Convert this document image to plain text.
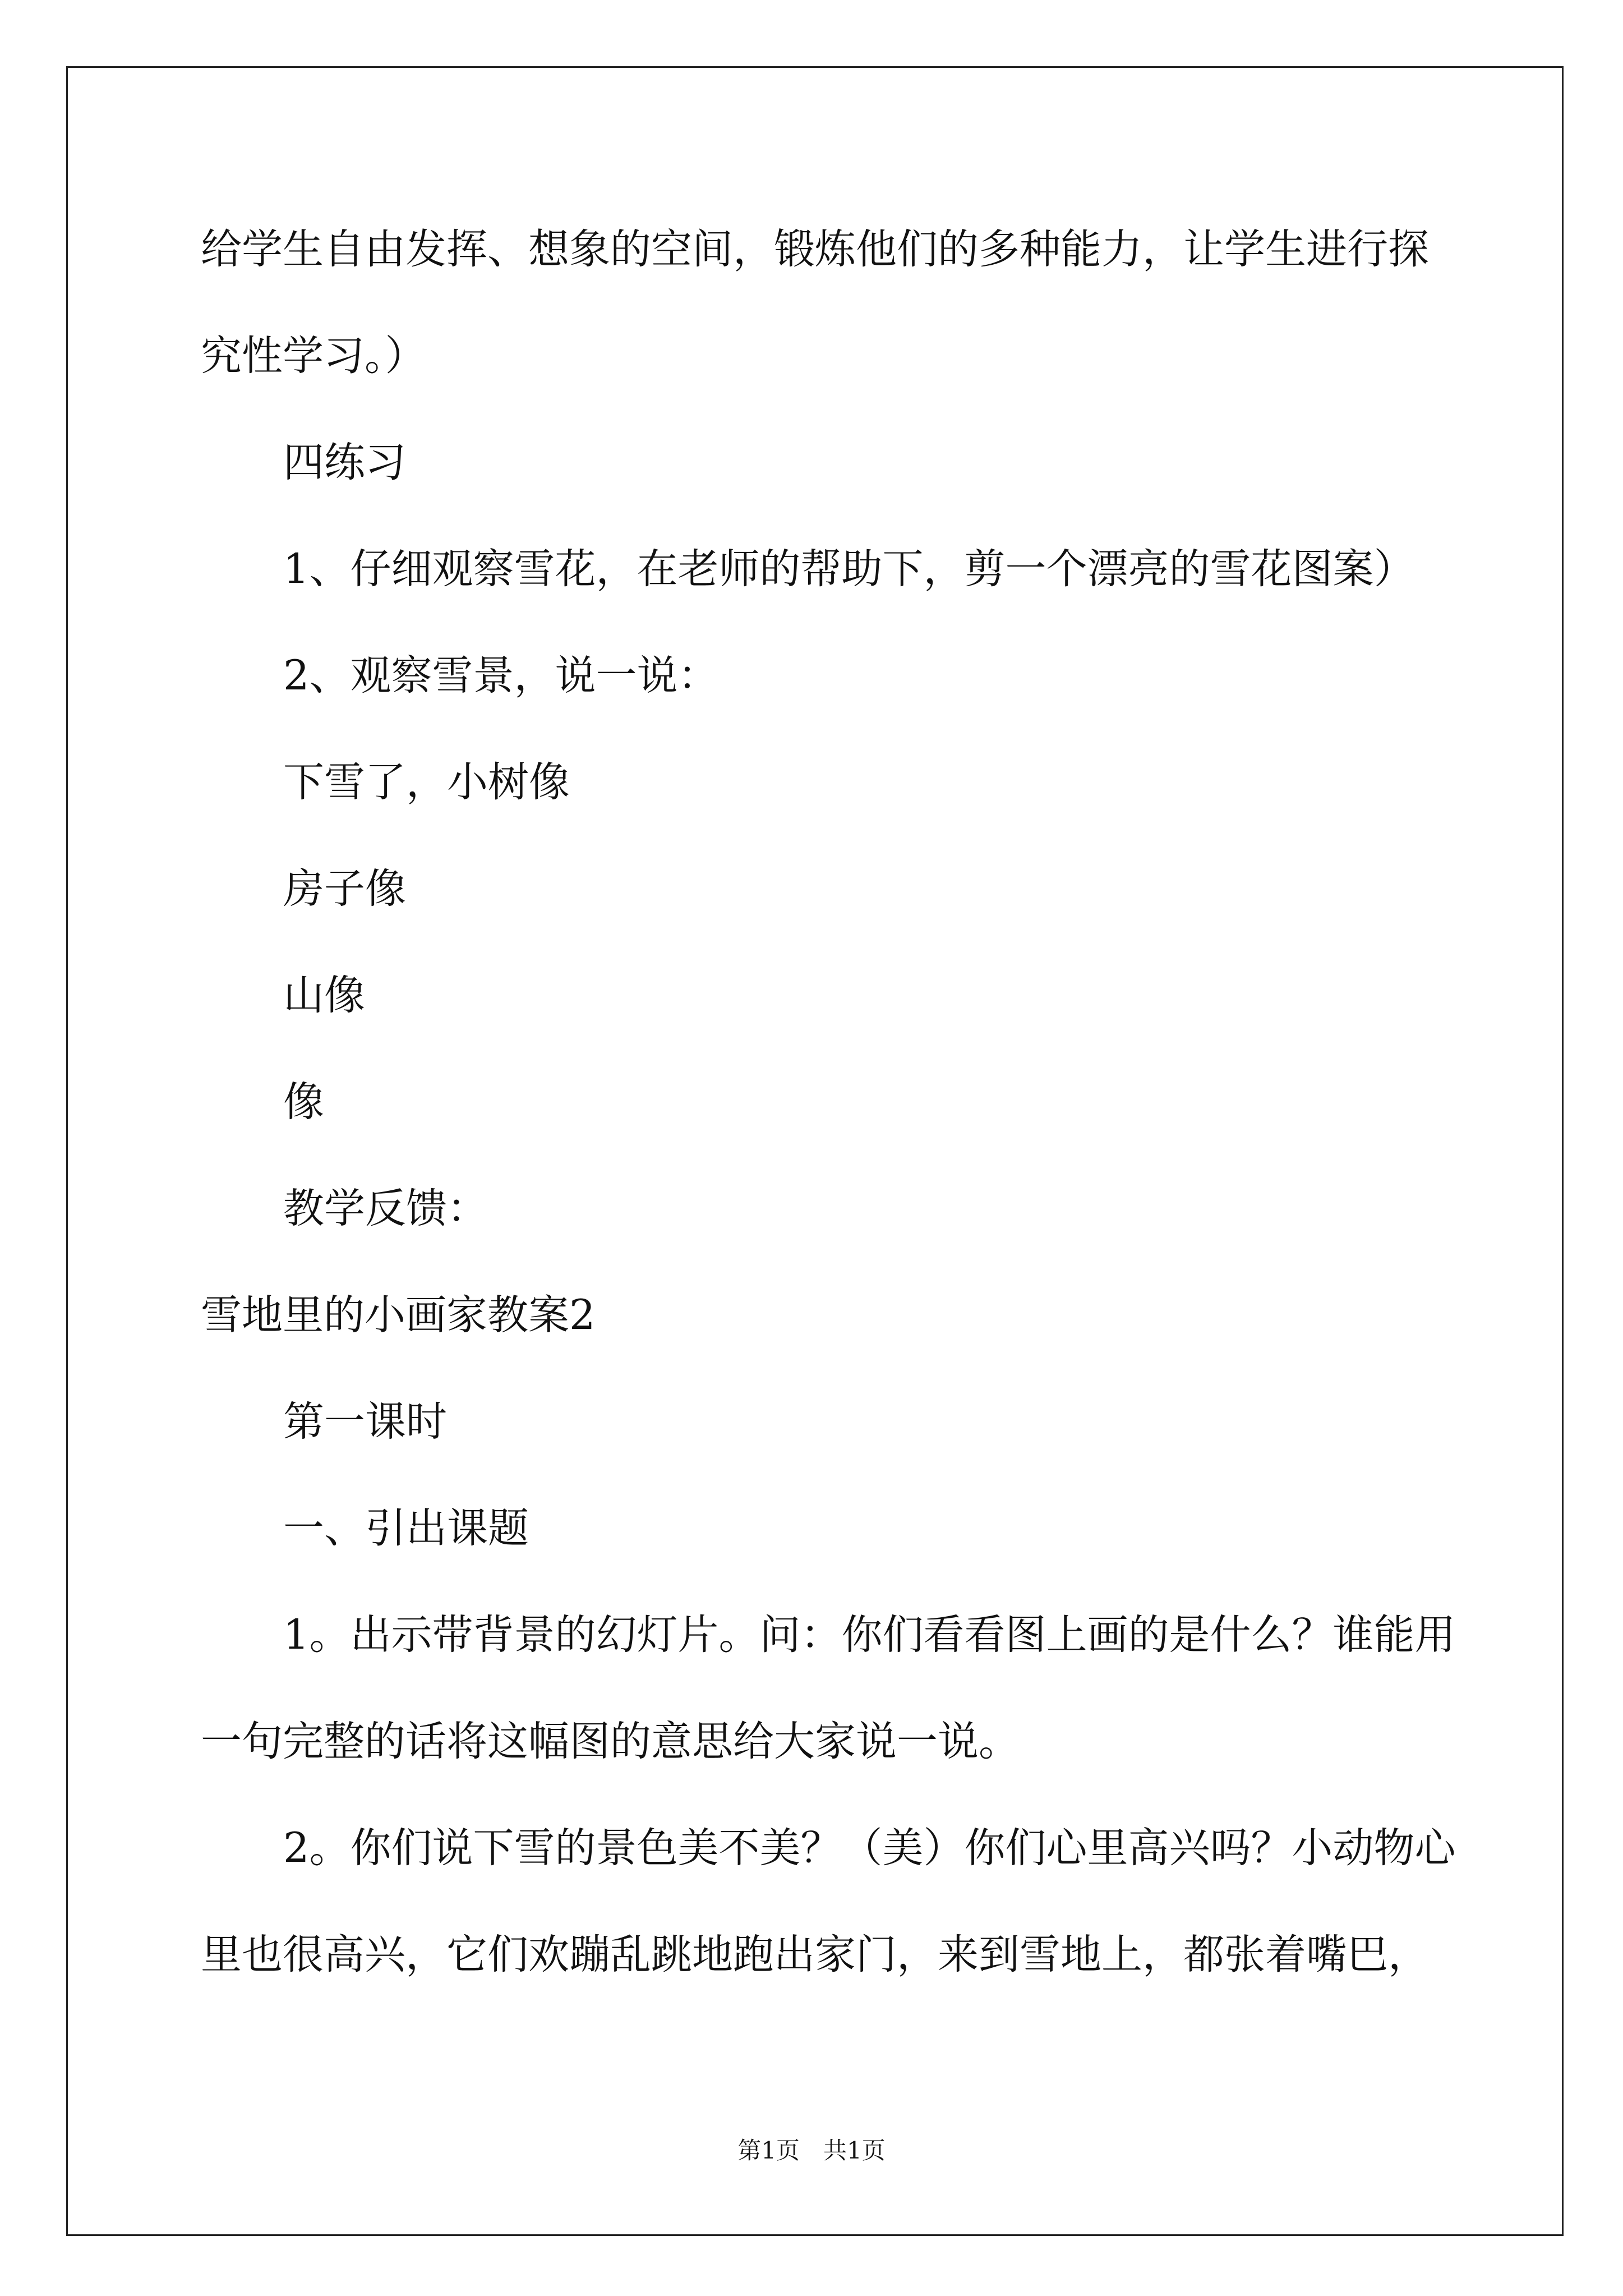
给学生自由发挥、想象的空间，锻炼他们的多种能力，让学生进行探
究性学习。）
四练习
1、仔细观察雪花，在老师的帮助下，剪一个漂亮的雪花图案）
2、观察雪景，说一说：
下雪了，小树像
房子像
山像
像
教学反馈：
雪地里的小画家教案2
第一课时
一、引出课题
1。出示带背景的幻灯片。问：你们看看图上画的是什么？谁能用
一句完整的话将这幅图的意思给大家说一说。
2。你们说下雪的景色美不美？（美）你们心里高兴吗？小动物心
里也很高兴，它们欢蹦乱跳地跑出家门，来到雪地上，都张着嘴巴，
第1页　共1页
